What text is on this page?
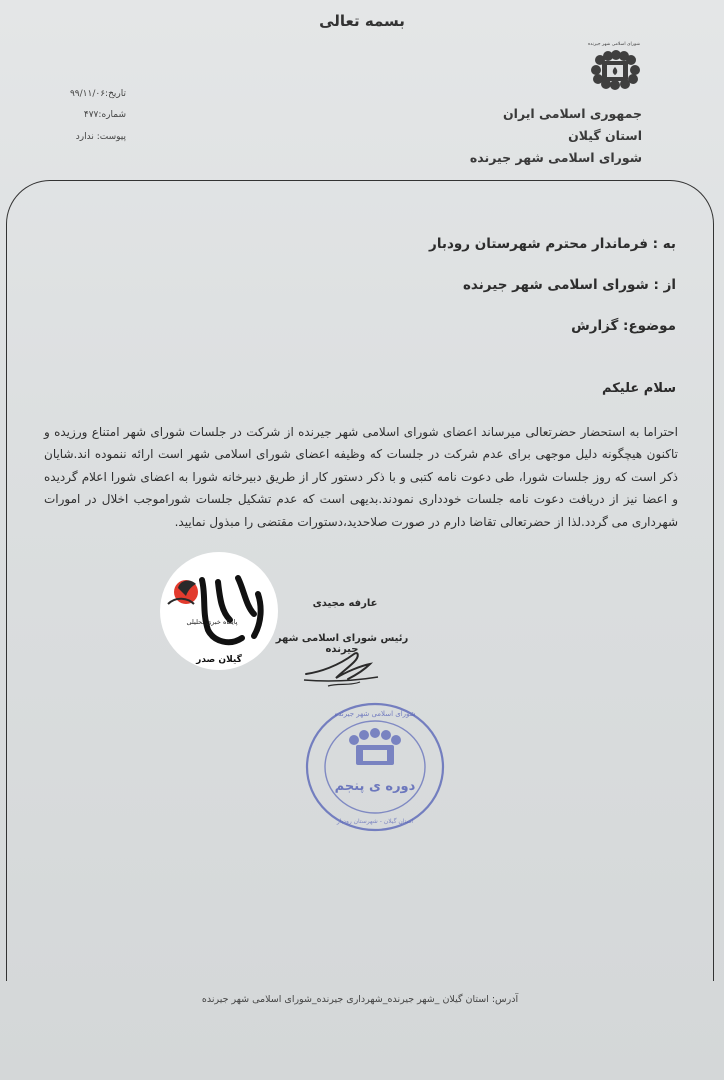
بسمه تعالی
شورای اسلامی شهر جیرنده
جمهوری اسلامی ایران
استان گیلان
شورای اسلامی شهر جیرنده
تاریخ:۹۹/۱۱/۰۶
شماره:۴۷۷
پیوست: ندارد
به : فرماندار محترم شهرستان رودبار
از : شورای اسلامی شهر جیرنده
موضوع: گزارش
سلام علیکم
احتراما به استحضار حضرتعالی میرساند اعضای شورای اسلامی شهر جیرنده از شرکت در جلسات شورای شهر امتناع ورزیده و تاکنون هیچگونه دلیل موجهی برای عدم شرکت در جلسات که وظیفه اعضای شورای اسلامی شهر است ارائه ننموده اند.شایان ذکر است که روز جلسات شورا، طی دعوت نامه کتبی و با ذکر دستور کار از طریق دبیرخانه شورا به اعضای شورا اعلام گردیده و اعضا نیز از دریافت دعوت نامه جلسات خودداری نمودند.بدیهی است که عدم تشکیل جلسات شوراموجب اخلال در امورات شهرداری می گردد.لذا از حضرتعالی تقاضا دارم در صورت صلاحدید،دستورات مقتضی را مبذول نمایید.
عارفه مجیدی
رئیس شورای اسلامی شهر جیرنده
دوره ی پنجم
شورای اسلامی شهر جیرنده
استان گیلان - شهرستان رودبار
گیلان صدر
پایگاه خبری تحلیلی
آدرس: استان گیلان _شهر جیرنده_شهرداری جیرنده_شورای اسلامی شهر جیرنده
